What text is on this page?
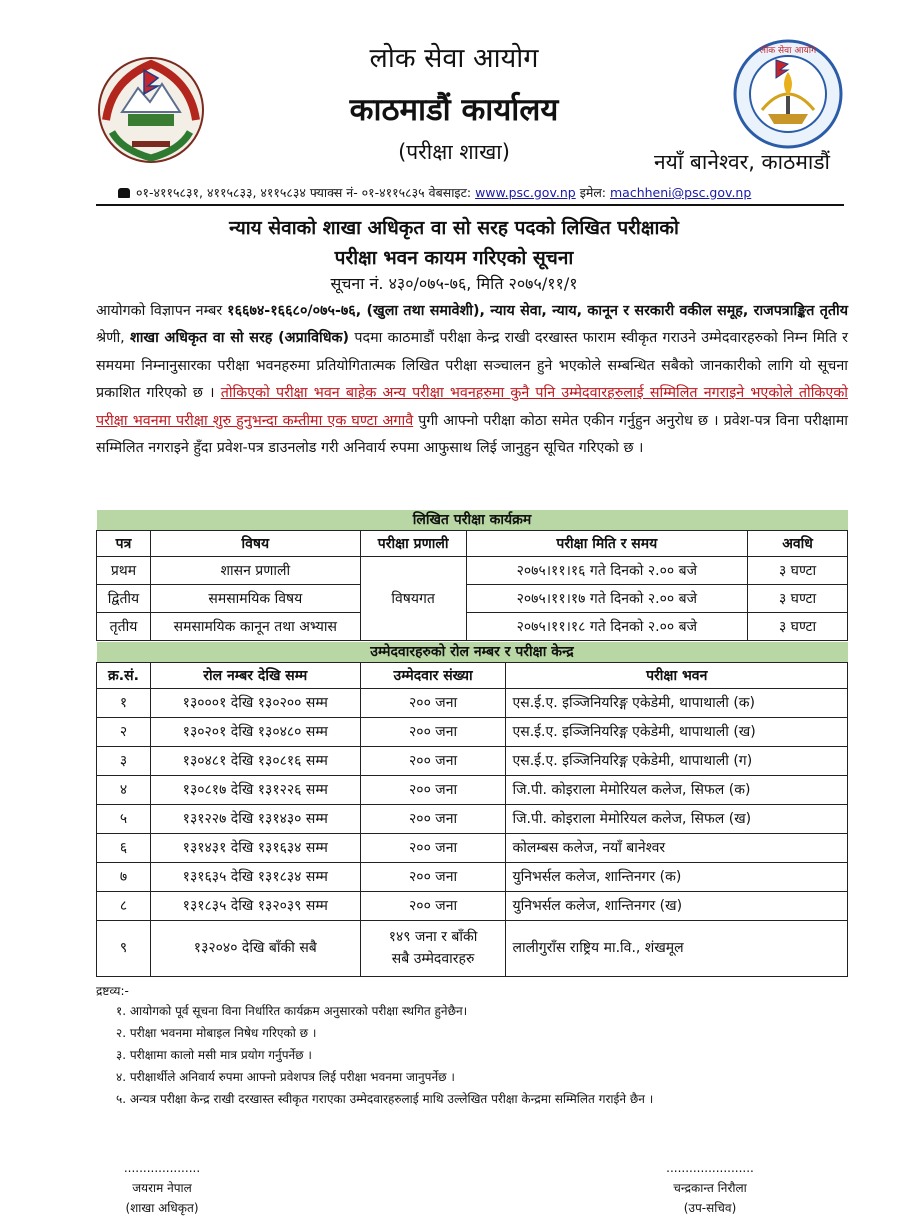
लोक सेवा आयोग
लोक सेवा आयोग
काठमाडौं कार्यालय
(परीक्षा शाखा)	नयाँ बानेश्वर, काठमाडौं
०१-४११५८३१, ४११५८३३, ४११५८३४ फ्याक्स नं- ०१-४११५८३५ वेबसाइट: www.psc.gov.np इमेल: machheni@psc.gov.np
न्याय सेवाको शाखा अधिकृत वा सो सरह पदको लिखित परीक्षाको
परीक्षा भवन कायम गरिएको सूचना
सूचना नं. ४३०/०७५-७६, मिति २०७५/११/१
आयोगको विज्ञापन नम्बर १६६७४-१६६८०/०७५-७६, (खुला तथा समावेशी), न्याय सेवा, न्याय, कानून र सरकारी वकील समूह, राजपत्राङ्कित तृतीय श्रेणी, शाखा अधिकृत वा सो सरह (अप्राविधिक) पदमा काठमाडौं परीक्षा केन्द्र राखी दरखास्त फाराम स्वीकृत गराउने उम्मेदवारहरुको निम्न मिति र समयमा निम्नानुसारका परीक्षा भवनहरुमा प्रतियोगितात्मक लिखित परीक्षा सञ्चालन हुने भएकोले सम्बन्धित सबैको जानकारीको लागि यो सूचना प्रकाशित गरिएको छ । तोकिएको परीक्षा भवन बाहेक अन्य परीक्षा भवनहरुमा कुनै पनि उम्मेदवारहरुलाई सम्मिलित नगराइने भएकोले तोकिएको परीक्षा भवनमा परीक्षा शुरु हुनुभन्दा कम्तीमा एक घण्टा अगावै पुगी आफ्नो परीक्षा कोठा समेत एकीन गर्नुहुन अनुरोध छ । प्रवेश-पत्र विना परीक्षामा सम्मिलित नगराइने हुँदा प्रवेश-पत्र डाउनलोड गरी अनिवार्य रुपमा आफुसाथ लिई जानुहुन सूचित गरिएको छ ।
लिखित परीक्षा कार्यक्रम				
पत्र	विषय	परीक्षा प्रणाली	परीक्षा मिति र समय	अवधि
प्रथम	शासन प्रणाली	विषयगत	२०७५।११।१६ गते दिनको २.०० बजे	३ घण्टा
द्वितीय	समसामयिक विषय		२०७५।११।१७ गते दिनको २.०० बजे	३ घण्टा
तृतीय	समसामयिक कानून तथा अभ्यास		२०७५।११।१८ गते दिनको २.०० बजे	३ घण्टा
उम्मेदवारहरुको रोल नम्बर र परीक्षा केन्द्र			
क्र.सं.	रोल नम्बर देखि सम्म	उम्मेदवार संख्या	परीक्षा भवन
१	१३०००१ देखि १३०२०० सम्म	२०० जना	एस.ई.ए. इञ्जिनियरिङ्ग एकेडेमी, थापाथाली (क)
२	१३०२०१ देखि १३०४८० सम्म	२०० जना	एस.ई.ए. इञ्जिनियरिङ्ग एकेडेमी, थापाथाली (ख)
३	१३०४८१ देखि १३०८१६ सम्म	२०० जना	एस.ई.ए. इञ्जिनियरिङ्ग एकेडेमी, थापाथाली (ग)
४	१३०८१७ देखि १३१२२६ सम्म	२०० जना	जि.पी. कोइराला मेमोरियल कलेज, सिफल (क)
५	१३१२२७ देखि १३१४३० सम्म	२०० जना	जि.पी. कोइराला मेमोरियल कलेज, सिफल (ख)
६	१३१४३१ देखि १३१६३४ सम्म	२०० जना	कोलम्बस कलेज, नयाँ बानेश्वर
७	१३१६३५ देखि १३१८३४ सम्म	२०० जना	युनिभर्सल कलेज, शान्तिनगर (क)
८	१३१८३५ देखि १३२०३९ सम्म	२०० जना	युनिभर्सल कलेज, शान्तिनगर (ख)
९	१३२०४० देखि बाँकी सबै	१४९ जना र बाँकी
सबै उम्मेदवारहरु	लालीगुराँस राष्ट्रिय मा.वि., शंखमूल
द्रष्टव्य:-
१. आयोगको पूर्व सूचना विना निर्धारित कार्यक्रम अनुसारको परीक्षा स्थगित हुनेछैन।
२. परीक्षा भवनमा मोबाइल निषेध गरिएको छ ।
३. परीक्षामा कालो मसी मात्र प्रयोग गर्नुपर्नेछ ।
४. परीक्षार्थीले अनिवार्य रुपमा आफ्नो प्रवेशपत्र लिई परीक्षा भवनमा जानुपर्नेछ ।
५. अन्यत्र परीक्षा केन्द्र राखी दरखास्त स्वीकृत गराएका उम्मेदवारहरुलाई माथि उल्लेखित परीक्षा केन्द्रमा सम्मिलित गराईने छैन ।
....................
जयराम नेपाल
(शाखा अधिकृत)
.......................
चन्द्रकान्त निरौला
(उप-सचिव)
